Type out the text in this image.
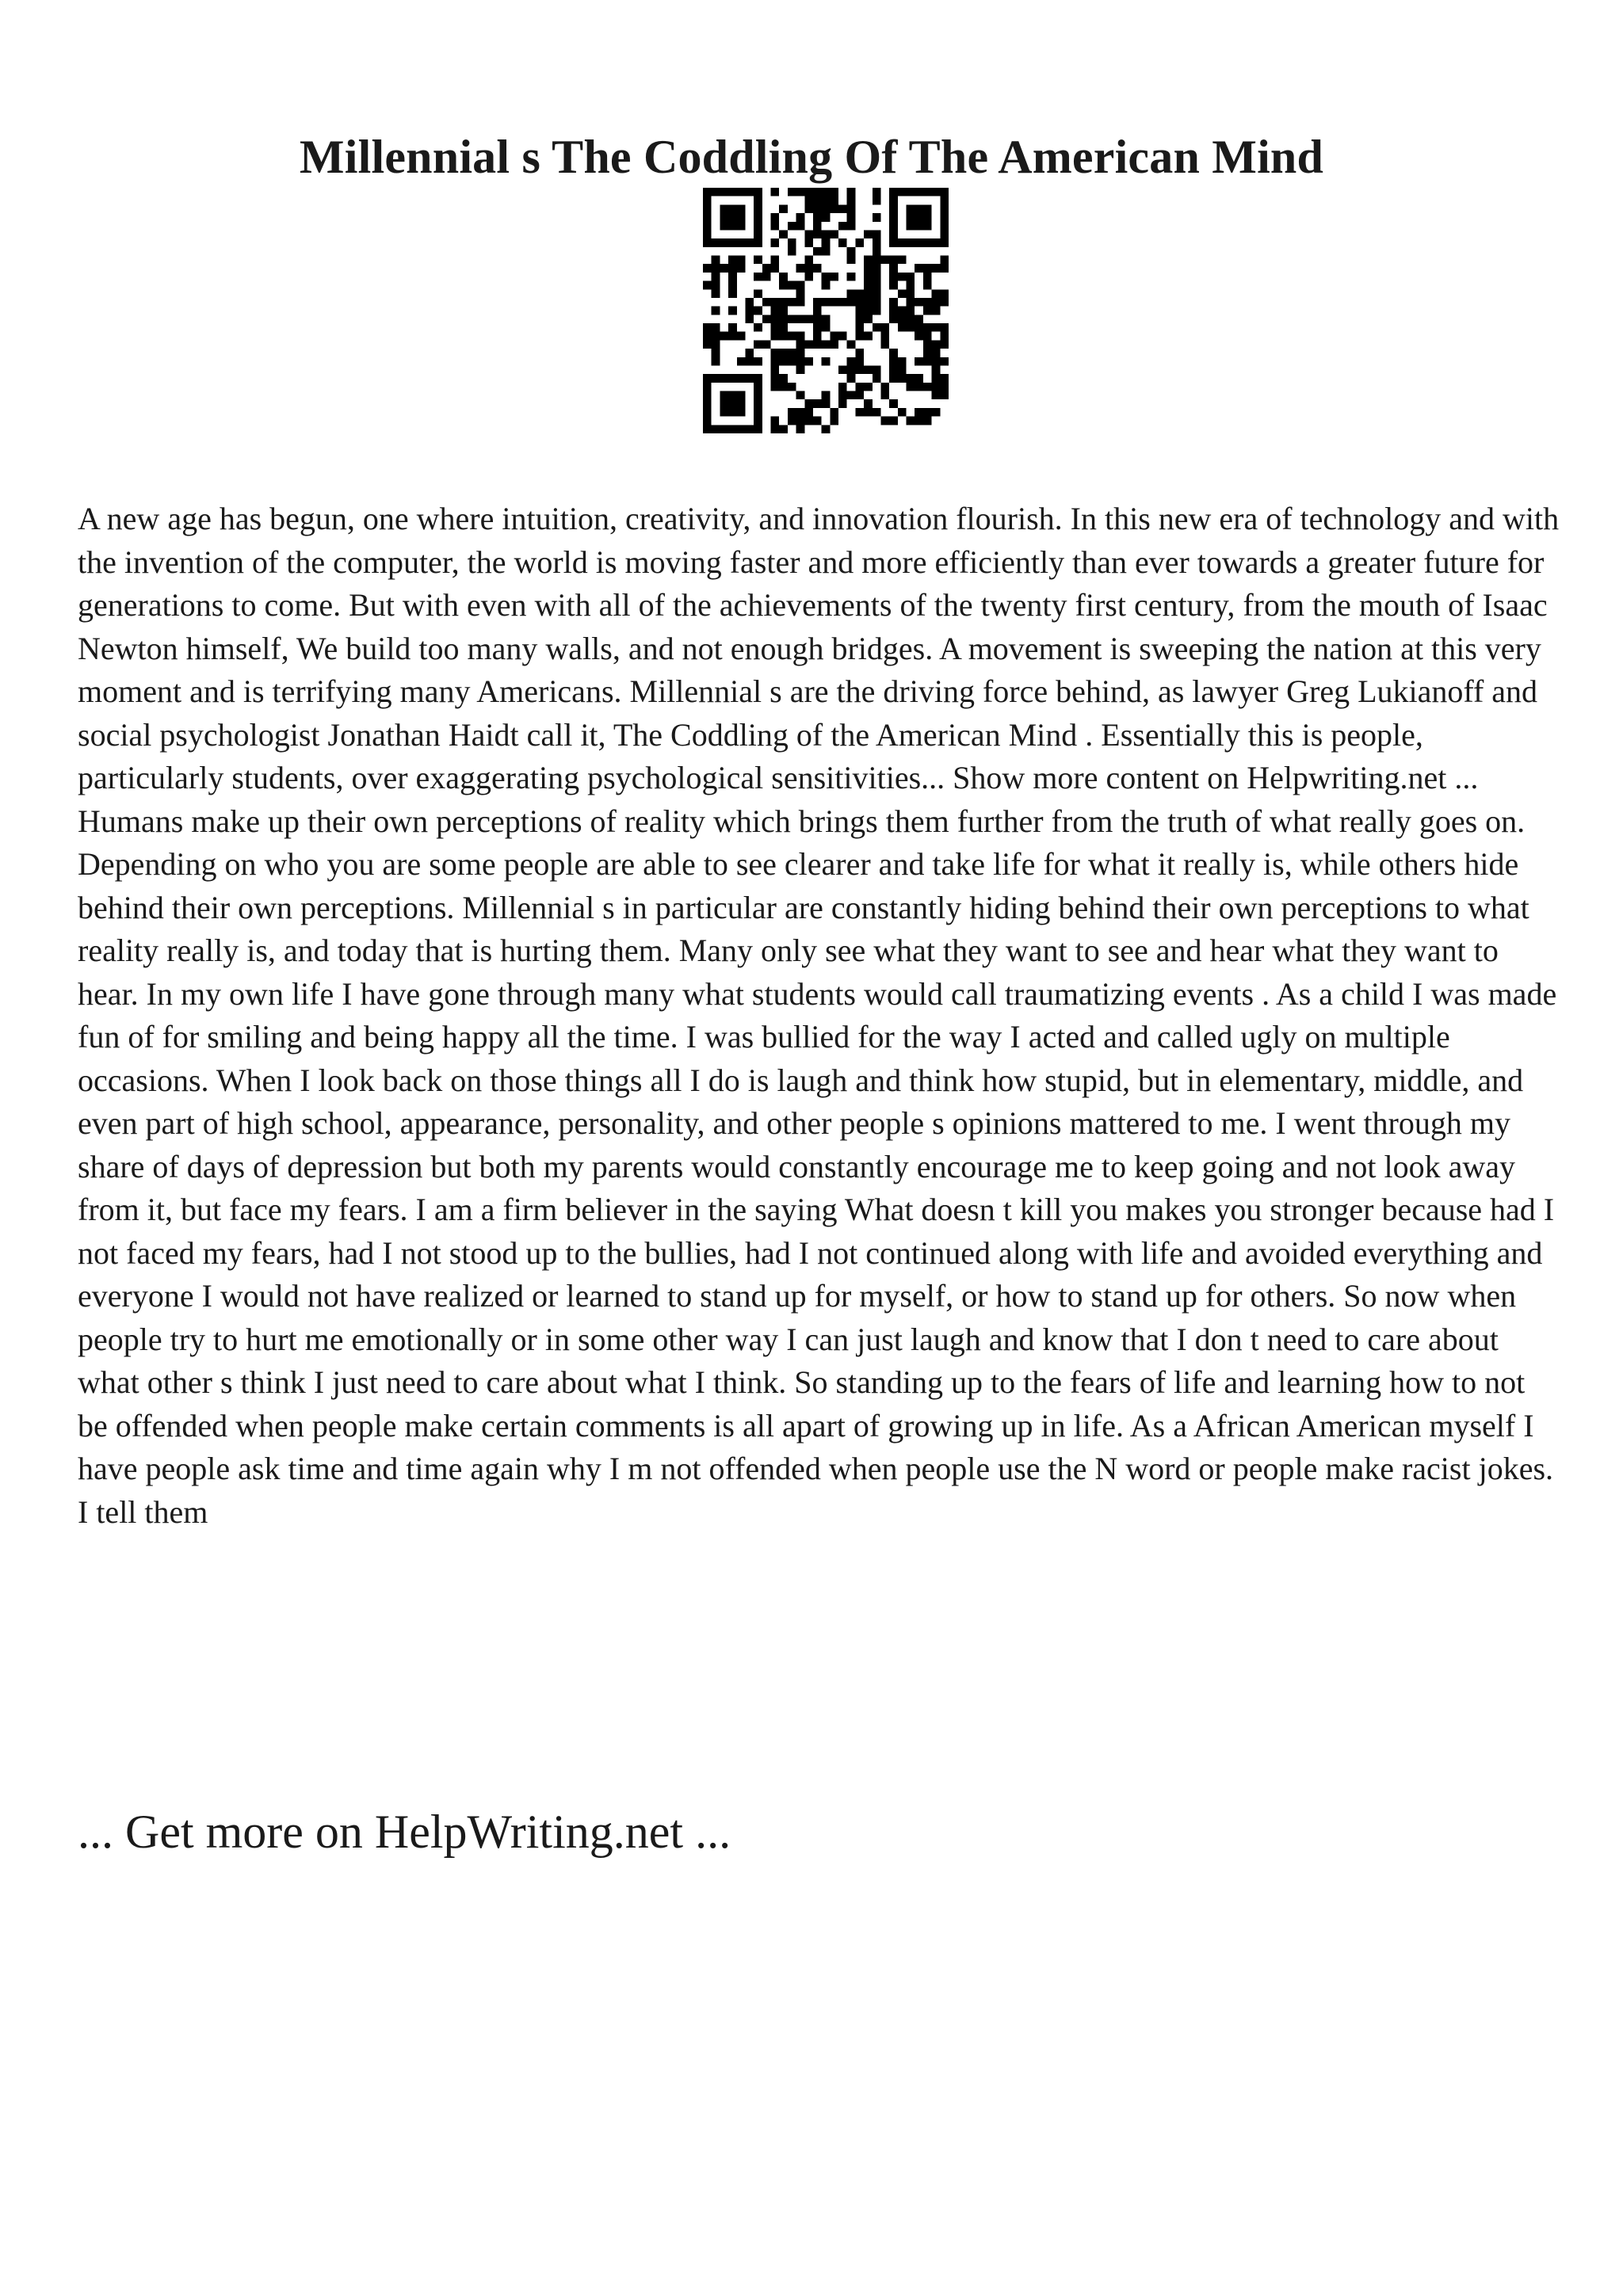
Millennial s The Coddling Of The American Mind

A new age has begun, one where intuition, creativity, and innovation flourish. In this new era of technology and with the invention of the computer, the world is moving faster and more efficiently than ever towards a greater future for generations to come. But with even with all of the achievements of the twenty first century, from the mouth of Isaac Newton himself, We build too many walls, and not enough bridges. A movement is sweeping the nation at this very moment and is terrifying many Americans. Millennial s are the driving force behind, as lawyer Greg Lukianoff and social psychologist Jonathan Haidt call it, The Coddling of the American Mind . Essentially this is people, particularly students, over exaggerating psychological sensitivities... Show more content on Helpwriting.net ...

Humans make up their own perceptions of reality which brings them further from the truth of what really goes on. Depending on who you are some people are able to see clearer and take life for what it really is, while others hide behind their own perceptions. Millennial s in particular are constantly hiding behind their own perceptions to what reality really is, and today that is hurting them. Many only see what they want to see and hear what they want to hear. In my own life I have gone through many what students would call traumatizing events . As a child I was made fun of for smiling and being happy all the time. I was bullied for the way I acted and called ugly on multiple occasions. When I look back on those things all I do is laugh and think how stupid, but in elementary, middle, and even part of high school, appearance, personality, and other people s opinions mattered to me. I went through my share of days of depression but both my parents would constantly encourage me to keep going and not look away from it, but face my fears. I am a firm believer in the saying What doesn t kill you makes you stronger because had I not faced my fears, had I not stood up to the bullies, had I not continued along with life and avoided everything and everyone I would not have realized or learned to stand up for myself, or how to stand up for others. So now when people try to hurt me emotionally or in some other way I can just laugh and know that I don t need to care about what other s think I just need to care about what I think. So standing up to the fears of life and learning how to not be offended when people make certain comments is all apart of growing up in life. As a African American myself I have people ask time and time again why I m not offended when people use the N word or people make racist jokes. I tell them

... Get more on HelpWriting.net ...
